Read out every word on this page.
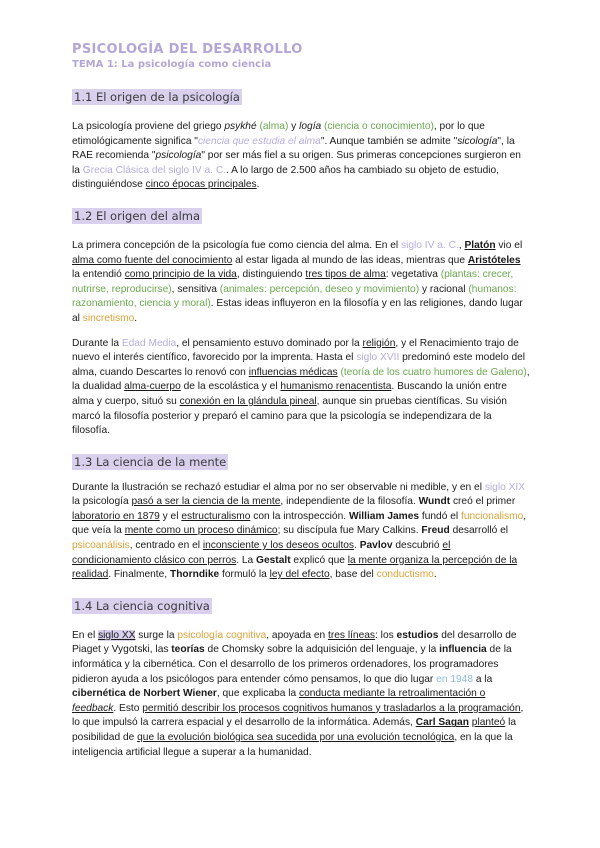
PSICOLOGÍA DEL DESARROLLO
TEMA 1: La psicología como ciencia
1.1 El origen de la psicología

La psicología proviene del griego psykhé (alma) y logía (ciencia o conocimiento), por lo que etimológicamente significa "ciencia que estudia el alma". Aunque también se admite "sicología", la RAE recomienda "psicología" por ser más fiel a su origen. Sus primeras concepciones surgieron en la Grecia Clásica del siglo IV a. C.. A lo largo de 2.500 años ha cambiado su objeto de estudio, distinguiéndose cinco épocas principales.

1.2 El origen del alma

La primera concepción de la psicología fue como ciencia del alma. En el siglo IV a. C., Platón vio el alma como fuente del conocimiento al estar ligada al mundo de las ideas, mientras que Aristóteles la entendió como principio de la vida, distinguiendo tres tipos de alma: vegetativa (plantas: crecer, nutrirse, reproducirse), sensitiva (animales: percepción, deseo y movimiento) y racional (humanos: razonamiento, ciencia y moral). Estas ideas influyeron en la filosofía y en las religiones, dando lugar al sincretismo.

Durante la Edad Media, el pensamiento estuvo dominado por la religión, y el Renacimiento trajo de nuevo el interés científico, favorecido por la imprenta. Hasta el siglo XVII predominó este modelo del alma, cuando Descartes lo renovó con influencias médicas (teoría de los cuatro humores de Galeno), la dualidad alma-cuerpo de la escolástica y el humanismo renacentista. Buscando la unión entre alma y cuerpo, situó su conexión en la glándula pineal, aunque sin pruebas científicas. Su visión marcó la filosofía posterior y preparó el camino para que la psicología se independizara de la filosofía.

1.3 La ciencia de la mente

Durante la Ilustración se rechazó estudiar el alma por no ser observable ni medible, y en el siglo XIX la psicología pasó a ser la ciencia de la mente, independiente de la filosofía. Wundt creó el primer laboratorio en 1879 y el estructuralismo con la introspección. William James fundó el funcionalismo, que veía la mente como un proceso dinámico; su discípula fue Mary Calkins. Freud desarrolló el psicoanálisis, centrado en el inconsciente y los deseos ocultos. Pavlov descubrió el condicionamiento clásico con perros. La Gestalt explicó que la mente organiza la percepción de la realidad. Finalmente, Thorndike formuló la ley del efecto, base del conductismo.

1.4 La ciencia cognitiva

En el siglo XX surge la psicología cognitiva, apoyada en tres líneas: los estudios del desarrollo de Piaget y Vygotski, las teorías de Chomsky sobre la adquisición del lenguaje, y la influencia de la informática y la cibernética. Con el desarrollo de los primeros ordenadores, los programadores pidieron ayuda a los psicólogos para entender cómo pensamos, lo que dio lugar en 1948 a la cibernética de Norbert Wiener, que explicaba la conducta mediante la retroalimentación o feedback. Esto permitió describir los procesos cognitivos humanos y trasladarlos a la programación, lo que impulsó la carrera espacial y el desarrollo de la informática. Además, Carl Sagan planteó la posibilidad de que la evolución biológica sea sucedida por una evolución tecnológica, en la que la inteligencia artificial llegue a superar a la humanidad.
